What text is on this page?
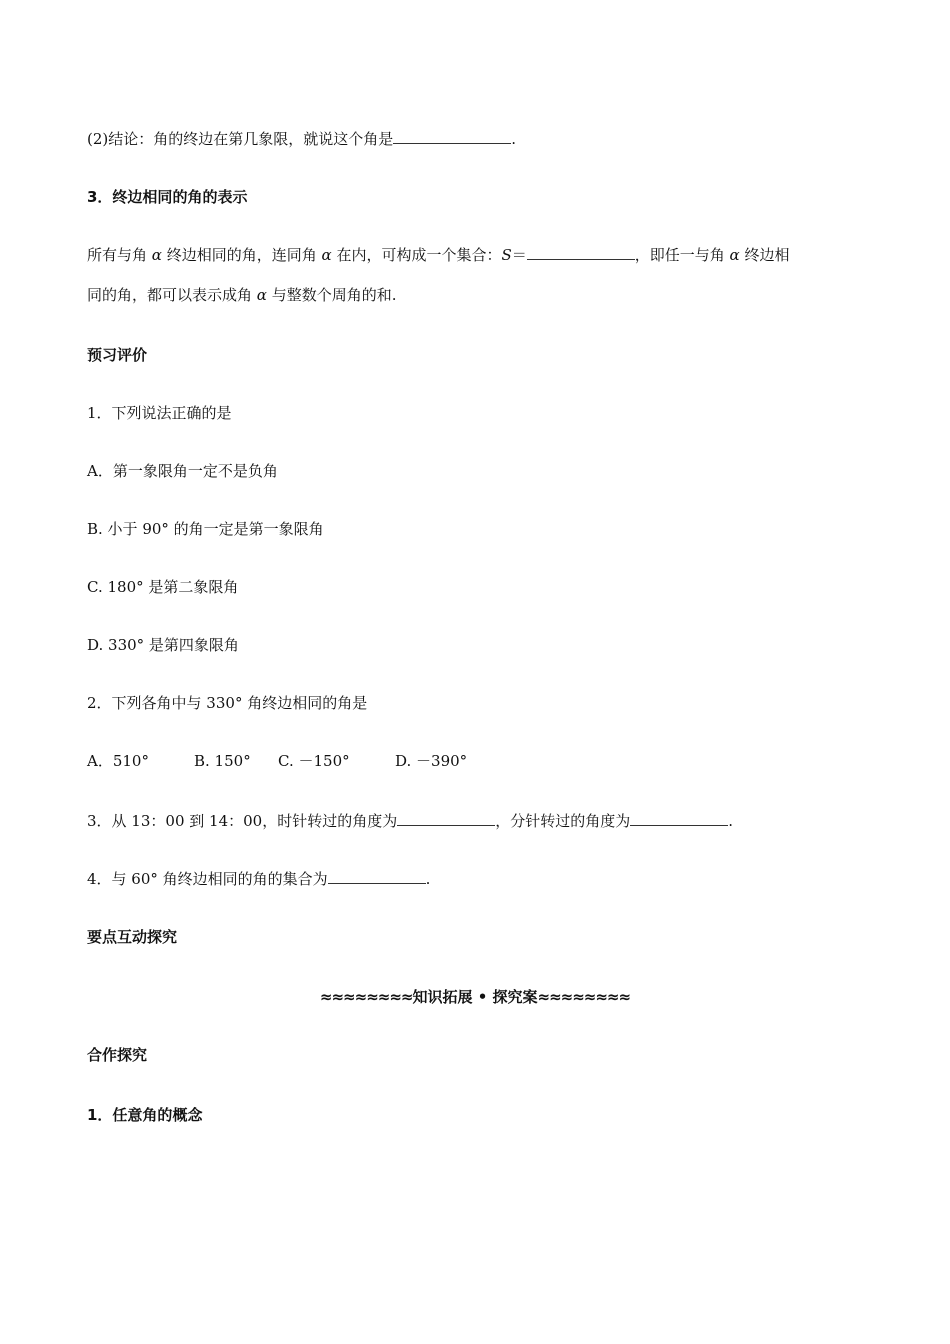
(2)结论：角的终边在第几象限，就说这个角是	.
3．终边相同的角的表示
所有与角 α 终边相同的角，连同角 α 在内，可构成一个集合：S＝	，即任一与角 α 终边相
同的角，都可以表示成角 α 与整数个周角的和.
预习评价
1．下列说法正确的是
A．第一象限角一定不是负角
B. 小于 90° 的角一定是第一象限角
C. 180° 是第二象限角
D. 330° 是第四象限角
2．下列各角中与 330° 角终边相同的角是
A．510°	B. 150° C. －150°	D. －390°
3．从 13：00 到 14：00，时针转过的角度为	，分针转过的角度为	.
4．与 60° 角终边相同的角的集合为	.
要点互动探究
≈≈≈≈≈≈≈≈知识拓展 • 探究案≈≈≈≈≈≈≈≈
合作探究
1．任意角的概念
